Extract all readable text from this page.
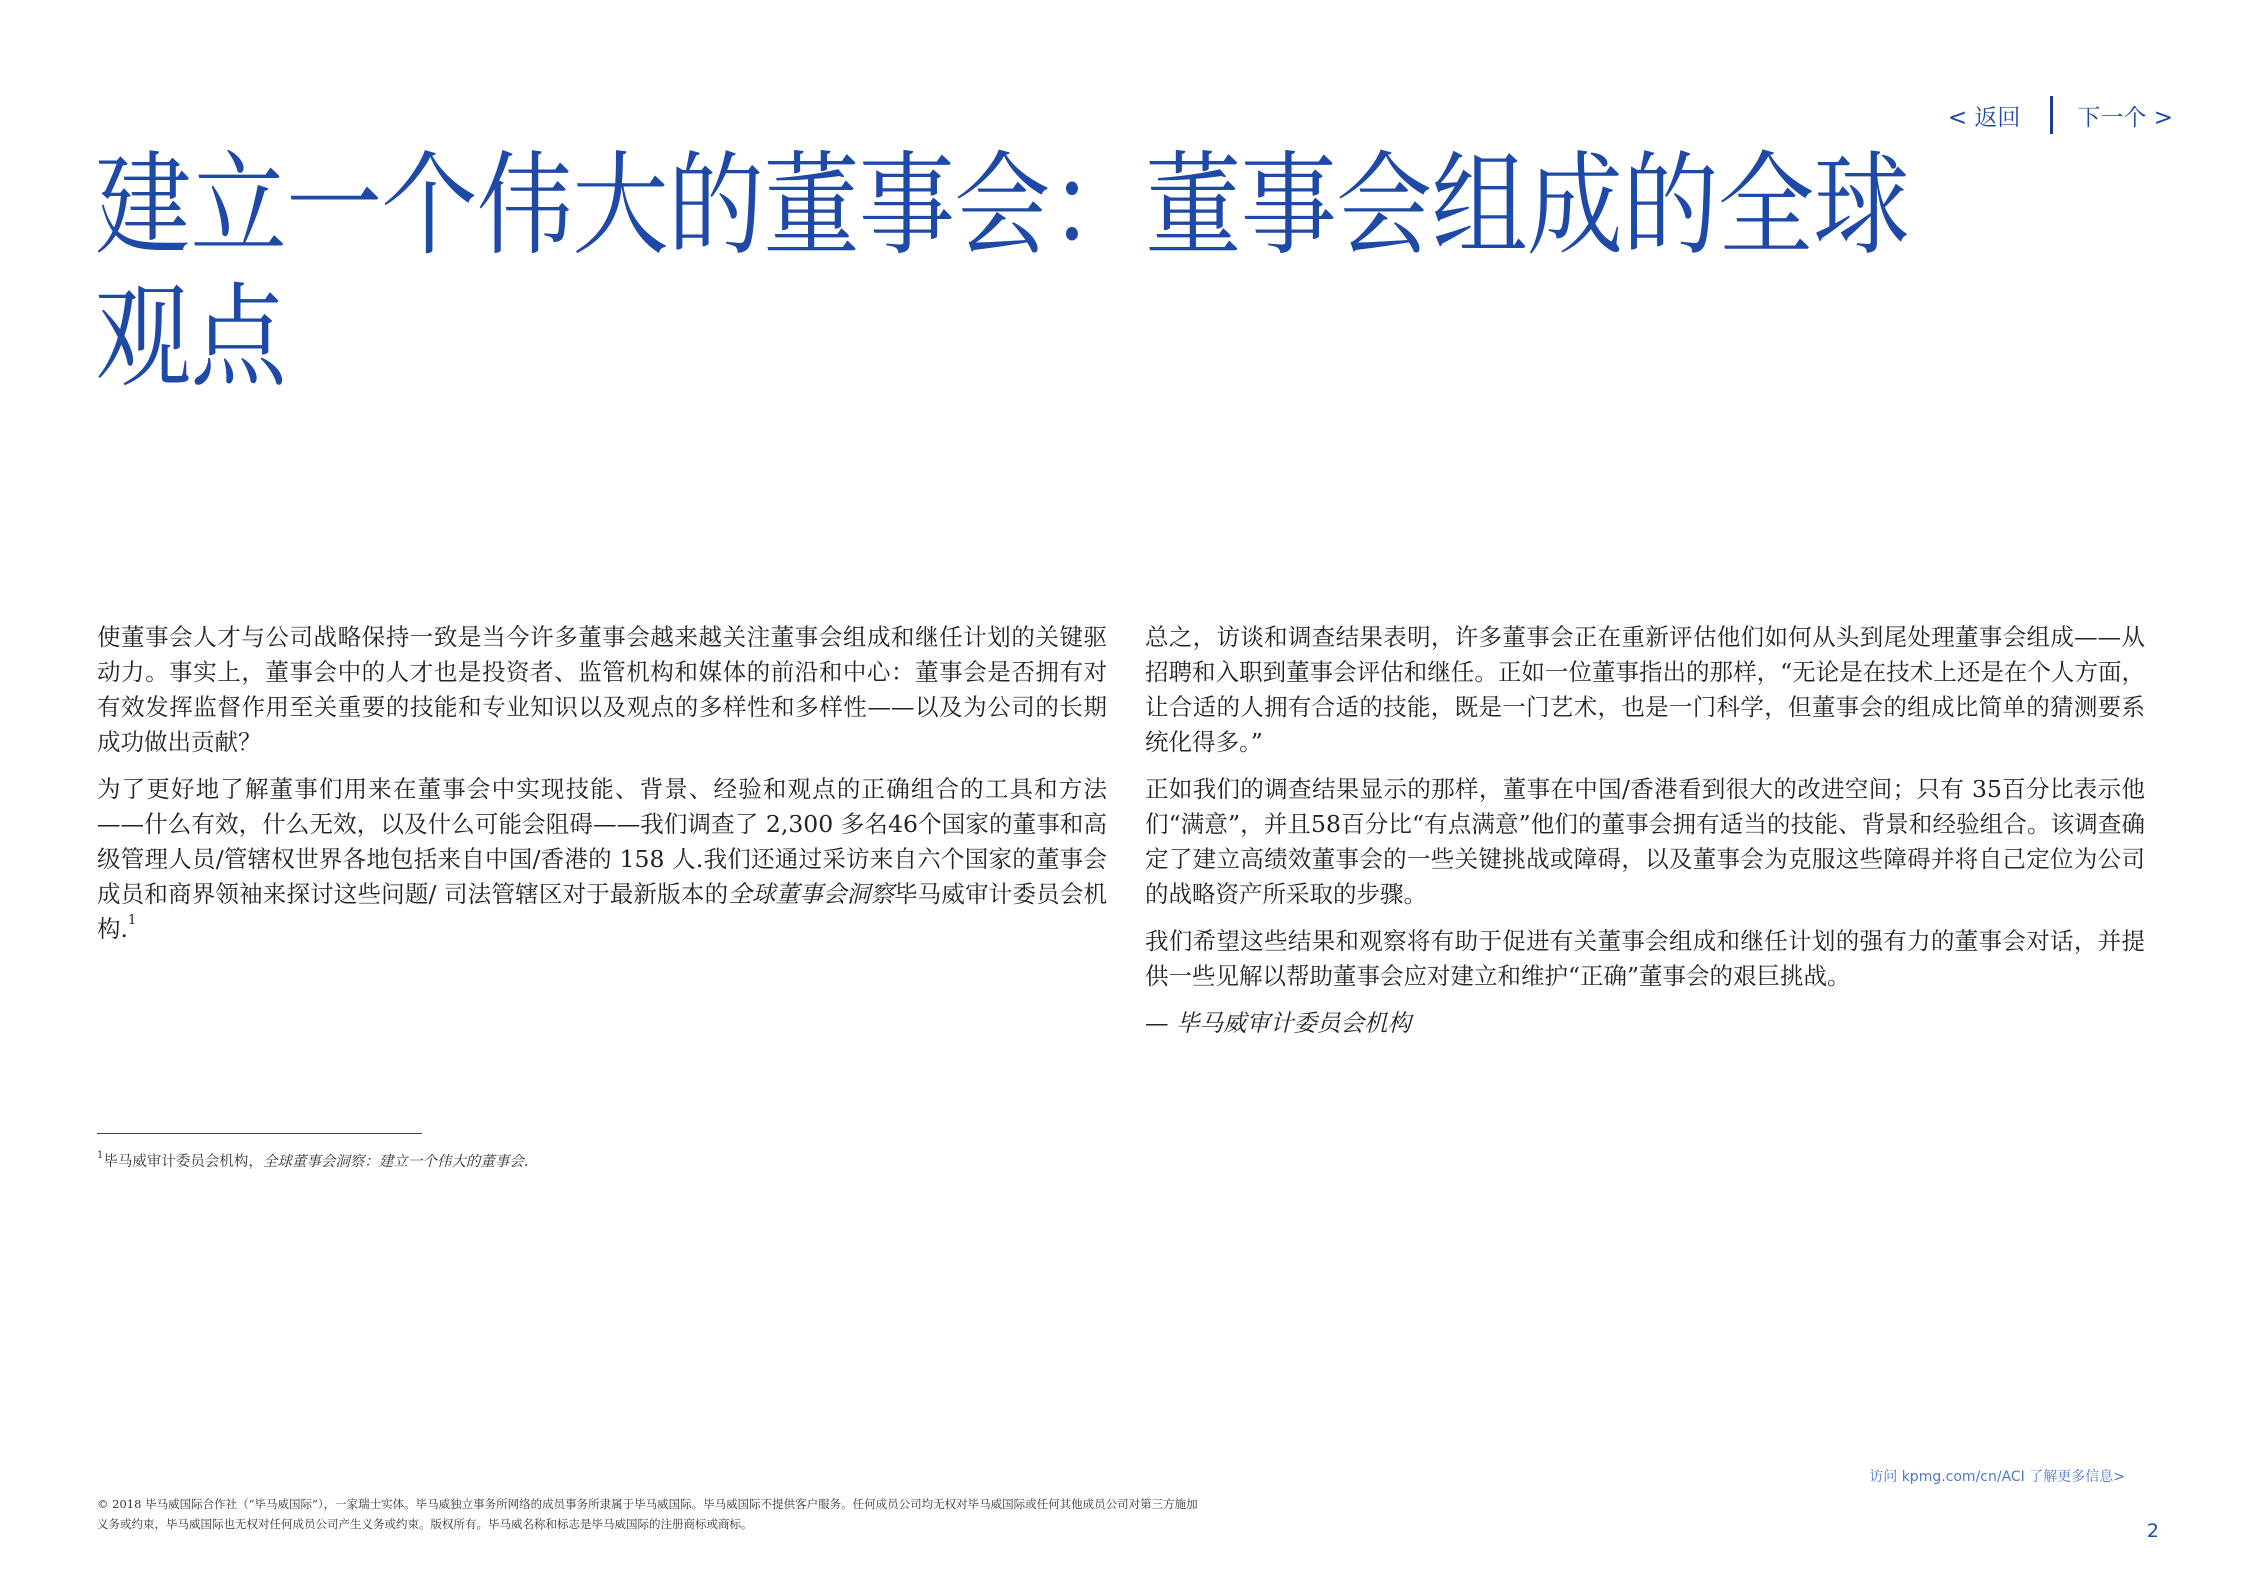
< 返回 下一个 >
建立一个伟大的董事会：董事会组成的全球
观点

使董事会人才与公司战略保持一致是当今许多董事会越来越关注董事会组成和继任计划的关键驱动力。事实上，董事会中的人才也是投资者、监管机构和媒体的前沿和中心：董事会是否拥有对有效发挥监督作用至关重要的技能和专业知识以及观点的多样性和多样性——以及为公司的长期成功做出贡献？

为了更好地了解董事们用来在董事会中实现技能、背景、经验和观点的正确组合的工具和方法——什么有效，什么无效，以及什么可能会阻碍——我们调查了 2,300 多名46个国家的董事和高级管理人员/管辖权世界各地包括来自中国/香港的 158 人.我们还通过采访来自六个国家的董事会成员和商界领袖来探讨这些问题/ 司法管辖区对于最新版本的全球董事会洞察毕马威审计委员会机构.$^1$

总之，访谈和调查结果表明，许多董事会正在重新评估他们如何从头到尾处理董事会组成——从招聘和入职到董事会评估和继任。正如一位董事指出的那样，“无论是在技术上还是在个人方面，让合适的人拥有合适的技能，既是一门艺术，也是一门科学，但董事会的组成比简单的猜测要系统化得多。”

正如我们的调查结果显示的那样，董事在中国/香港看到很大的改进空间；只有 35百分比表示他们“满意”，并且58百分比“有点满意”他们的董事会拥有适当的技能、背景和经验组合。该调查确定了建立高绩效董事会的一些关键挑战或障碍，以及董事会为克服这些障碍并将自己定位为公司的战略资产所采取的步骤。

我们希望这些结果和观察将有助于促进有关董事会组成和继任计划的强有力的董事会对话，并提供一些见解以帮助董事会应对建立和维护“正确”董事会的艰巨挑战。

— 毕马威审计委员会机构

$^1$毕马威审计委员会机构，全球董事会洞察：建立一个伟大的董事会.
访问 kpmg.com/cn/ACI 了解更多信息>
© 2018 毕马威国际合作社（“毕马威国际”），一家瑞士实体。毕马威独立事务所网络的成员事务所隶属于毕马威国际。毕马威国际不提供客户服务。任何成员公司均无权对毕马威国际或任何其他成员公司对第三方施加
义务或约束，毕马威国际也无权对任何成员公司产生义务或约束。版权所有。毕马威名称和标志是毕马威国际的注册商标或商标。	2
